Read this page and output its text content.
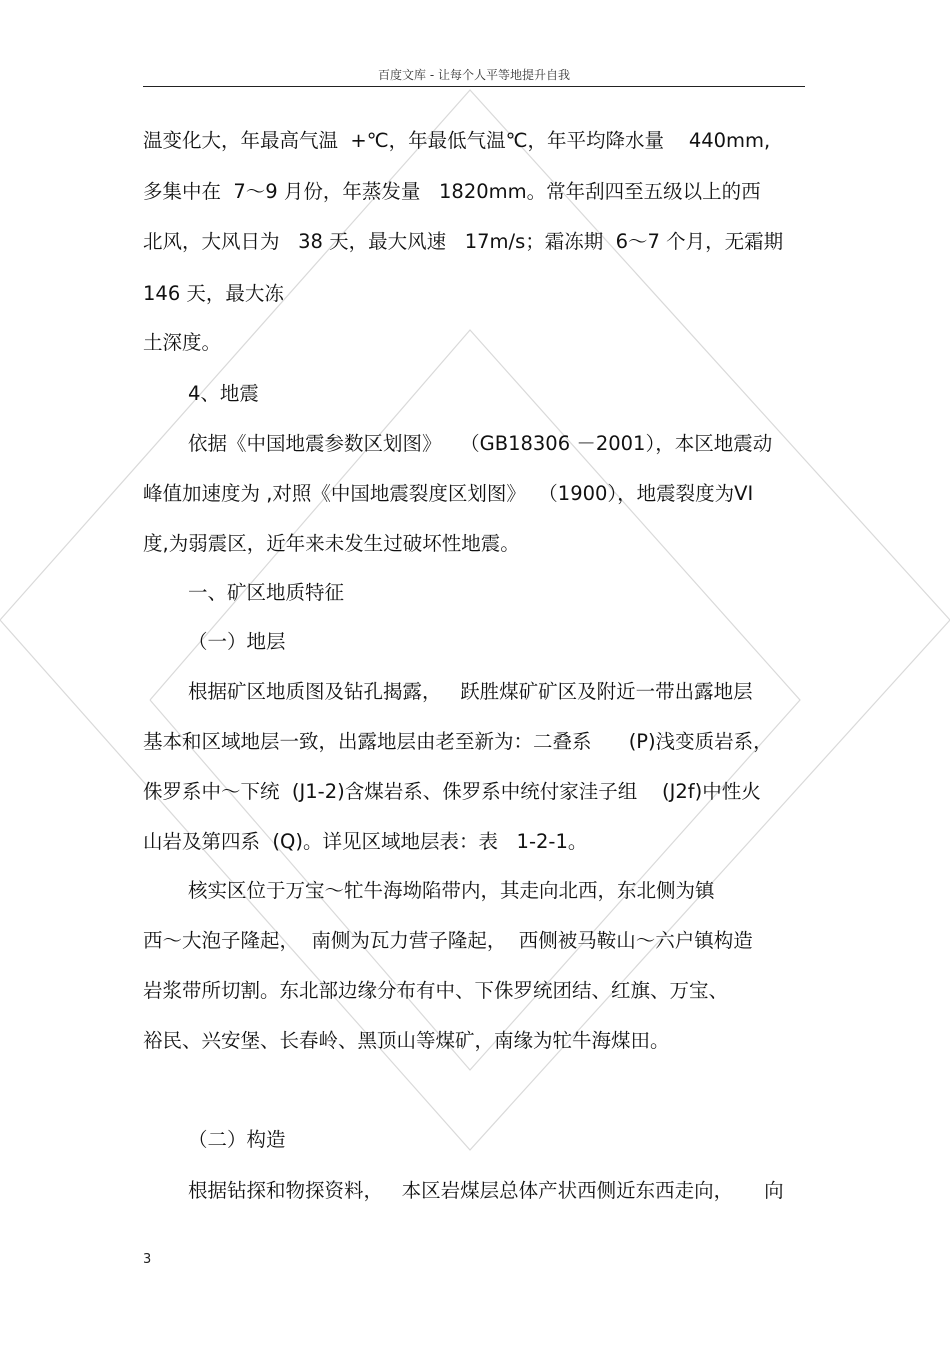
百度文库 - 让每个人平等地提升自我
温变化大，年最高气温  +℃，年最低气温℃，年平均降水量    440mm,
多集中在  7～9 月份，年蒸发量   1820mm。常年刮四至五级以上的西
北风，大风日为   38 天，最大风速   17m/s；霜冻期  6～7 个月，无霜期
146 天，最大冻
土深度。
4、地震
依据《中国地震参数区划图》   （GB18306 －2001），本区地震动
峰值加速度为 ,对照《中国地震裂度区划图》  （1900），地震裂度为VI
度,为弱震区，近年来未发生过破坏性地震。
一、矿区地质特征
（一）地层
根据矿区地质图及钻孔揭露，   跃胜煤矿矿区及附近一带出露地层
基本和区域地层一致，出露地层由老至新为：二叠系      (P)浅变质岩系，
侏罗系中～下统  (J1-2)含煤岩系、侏罗系中统付家洼子组    (J2f)中性火
山岩及第四系  (Q)。详见区域地层表：表   1-2-1。
核实区位于万宝～牤牛海坳陷带内，其走向北西，东北侧为镇
西～大泡子隆起，  南侧为瓦力营子隆起，  西侧被马鞍山～六户镇构造
岩浆带所切割。东北部边缘分布有中、下侏罗统团结、红旗、万宝、
裕民、兴安堡、长春岭、黑顶山等煤矿，南缘为牤牛海煤田。
（二）构造
根据钻探和物探资料，   本区岩煤层总体产状西侧近东西走向，     向
3
